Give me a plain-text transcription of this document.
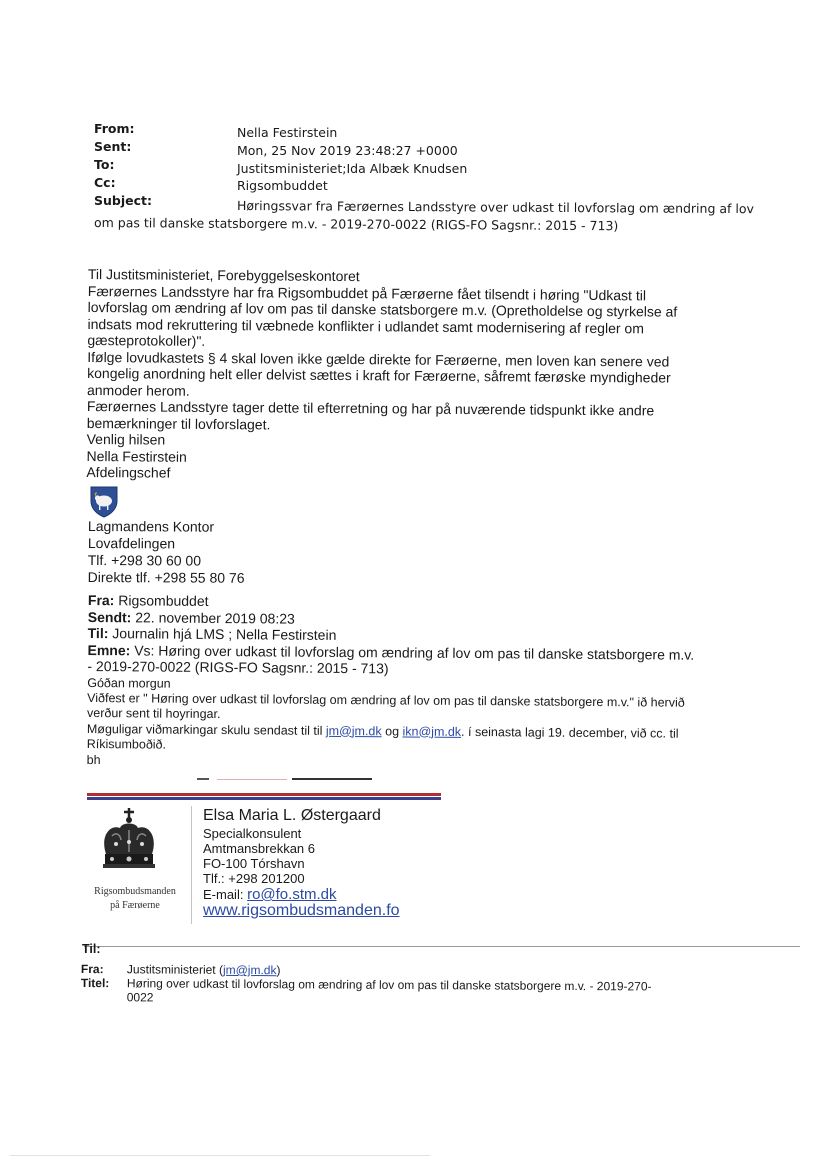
From:	Nella Festirstein
Sent:	Mon, 25 Nov 2019 23:48:27 +0000
To:	Justitsministeriet;Ida Albæk Knudsen
Cc:	Rigsombuddet
Subject:	Høringssvar fra Færøernes Landsstyre over udkast til lovforslag om ændring af lov
om pas til danske statsborgere m.v. - 2019-270-0022 (RIGS-FO Sagsnr.: 2015 - 713)
Til Justitsministeriet, Forebyggelseskontoret
Færøernes Landsstyre har fra Rigsombuddet på Færøerne fået tilsendt i høring "Udkast til
lovforslag om ændring af lov om pas til danske statsborgere m.v. (Opretholdelse og styrkelse af
indsats mod rekruttering til væbnede konflikter i udlandet samt modernisering af regler om
gæsteprotokoller)".
Ifølge lovudkastets § 4 skal loven ikke gælde direkte for Færøerne, men loven kan senere ved
kongelig anordning helt eller delvist sættes i kraft for Færøerne, såfremt færøske myndigheder
anmoder herom.
Færøernes Landsstyre tager dette til efterretning og har på nuværende tidspunkt ikke andre
bemærkninger til lovforslaget.
Venlig hilsen
Nella Festirstein
Afdelingschef
Lagmandens Kontor
Lovafdelingen
Tlf. +298 30 60 00
Direkte tlf. +298 55 80 76
Fra: Rigsombuddet
Sendt: 22. november 2019 08:23
Til: Journalin hjá LMS ; Nella Festirstein
Emne: Vs: Høring over udkast til lovforslag om ændring af lov om pas til danske statsborgere m.v.
- 2019-270-0022 (RIGS-FO Sagsnr.: 2015 - 713)
Góðan morgun
Viðfest er " Høring over udkast til lovforslag om ændring af lov om pas til danske statsborgere m.v." ið hervið
verður sent til hoyringar.
Møguligar viðmarkingar skulu sendast til til jm@jm.dk og ikn@jm.dk. í seinasta lagi 19. december, við cc. til
Ríkisumboðið.
bh
Rigsombudsmanden
på Færøerne
Elsa Maria L. Østergaard
Specialkonsulent
Amtmansbrekkan 6
FO-100 Tórshavn
Tlf.: +298 201200
E-mail: ro@fo.stm.dk
www.rigsombudsmanden.fo
Til:
Fra: Justitsministeriet (jm@jm.dk)
Titel:	Høring over udkast til lovforslag om ændring af lov om pas til danske statsborgere m.v. - 2019-270-
0022
